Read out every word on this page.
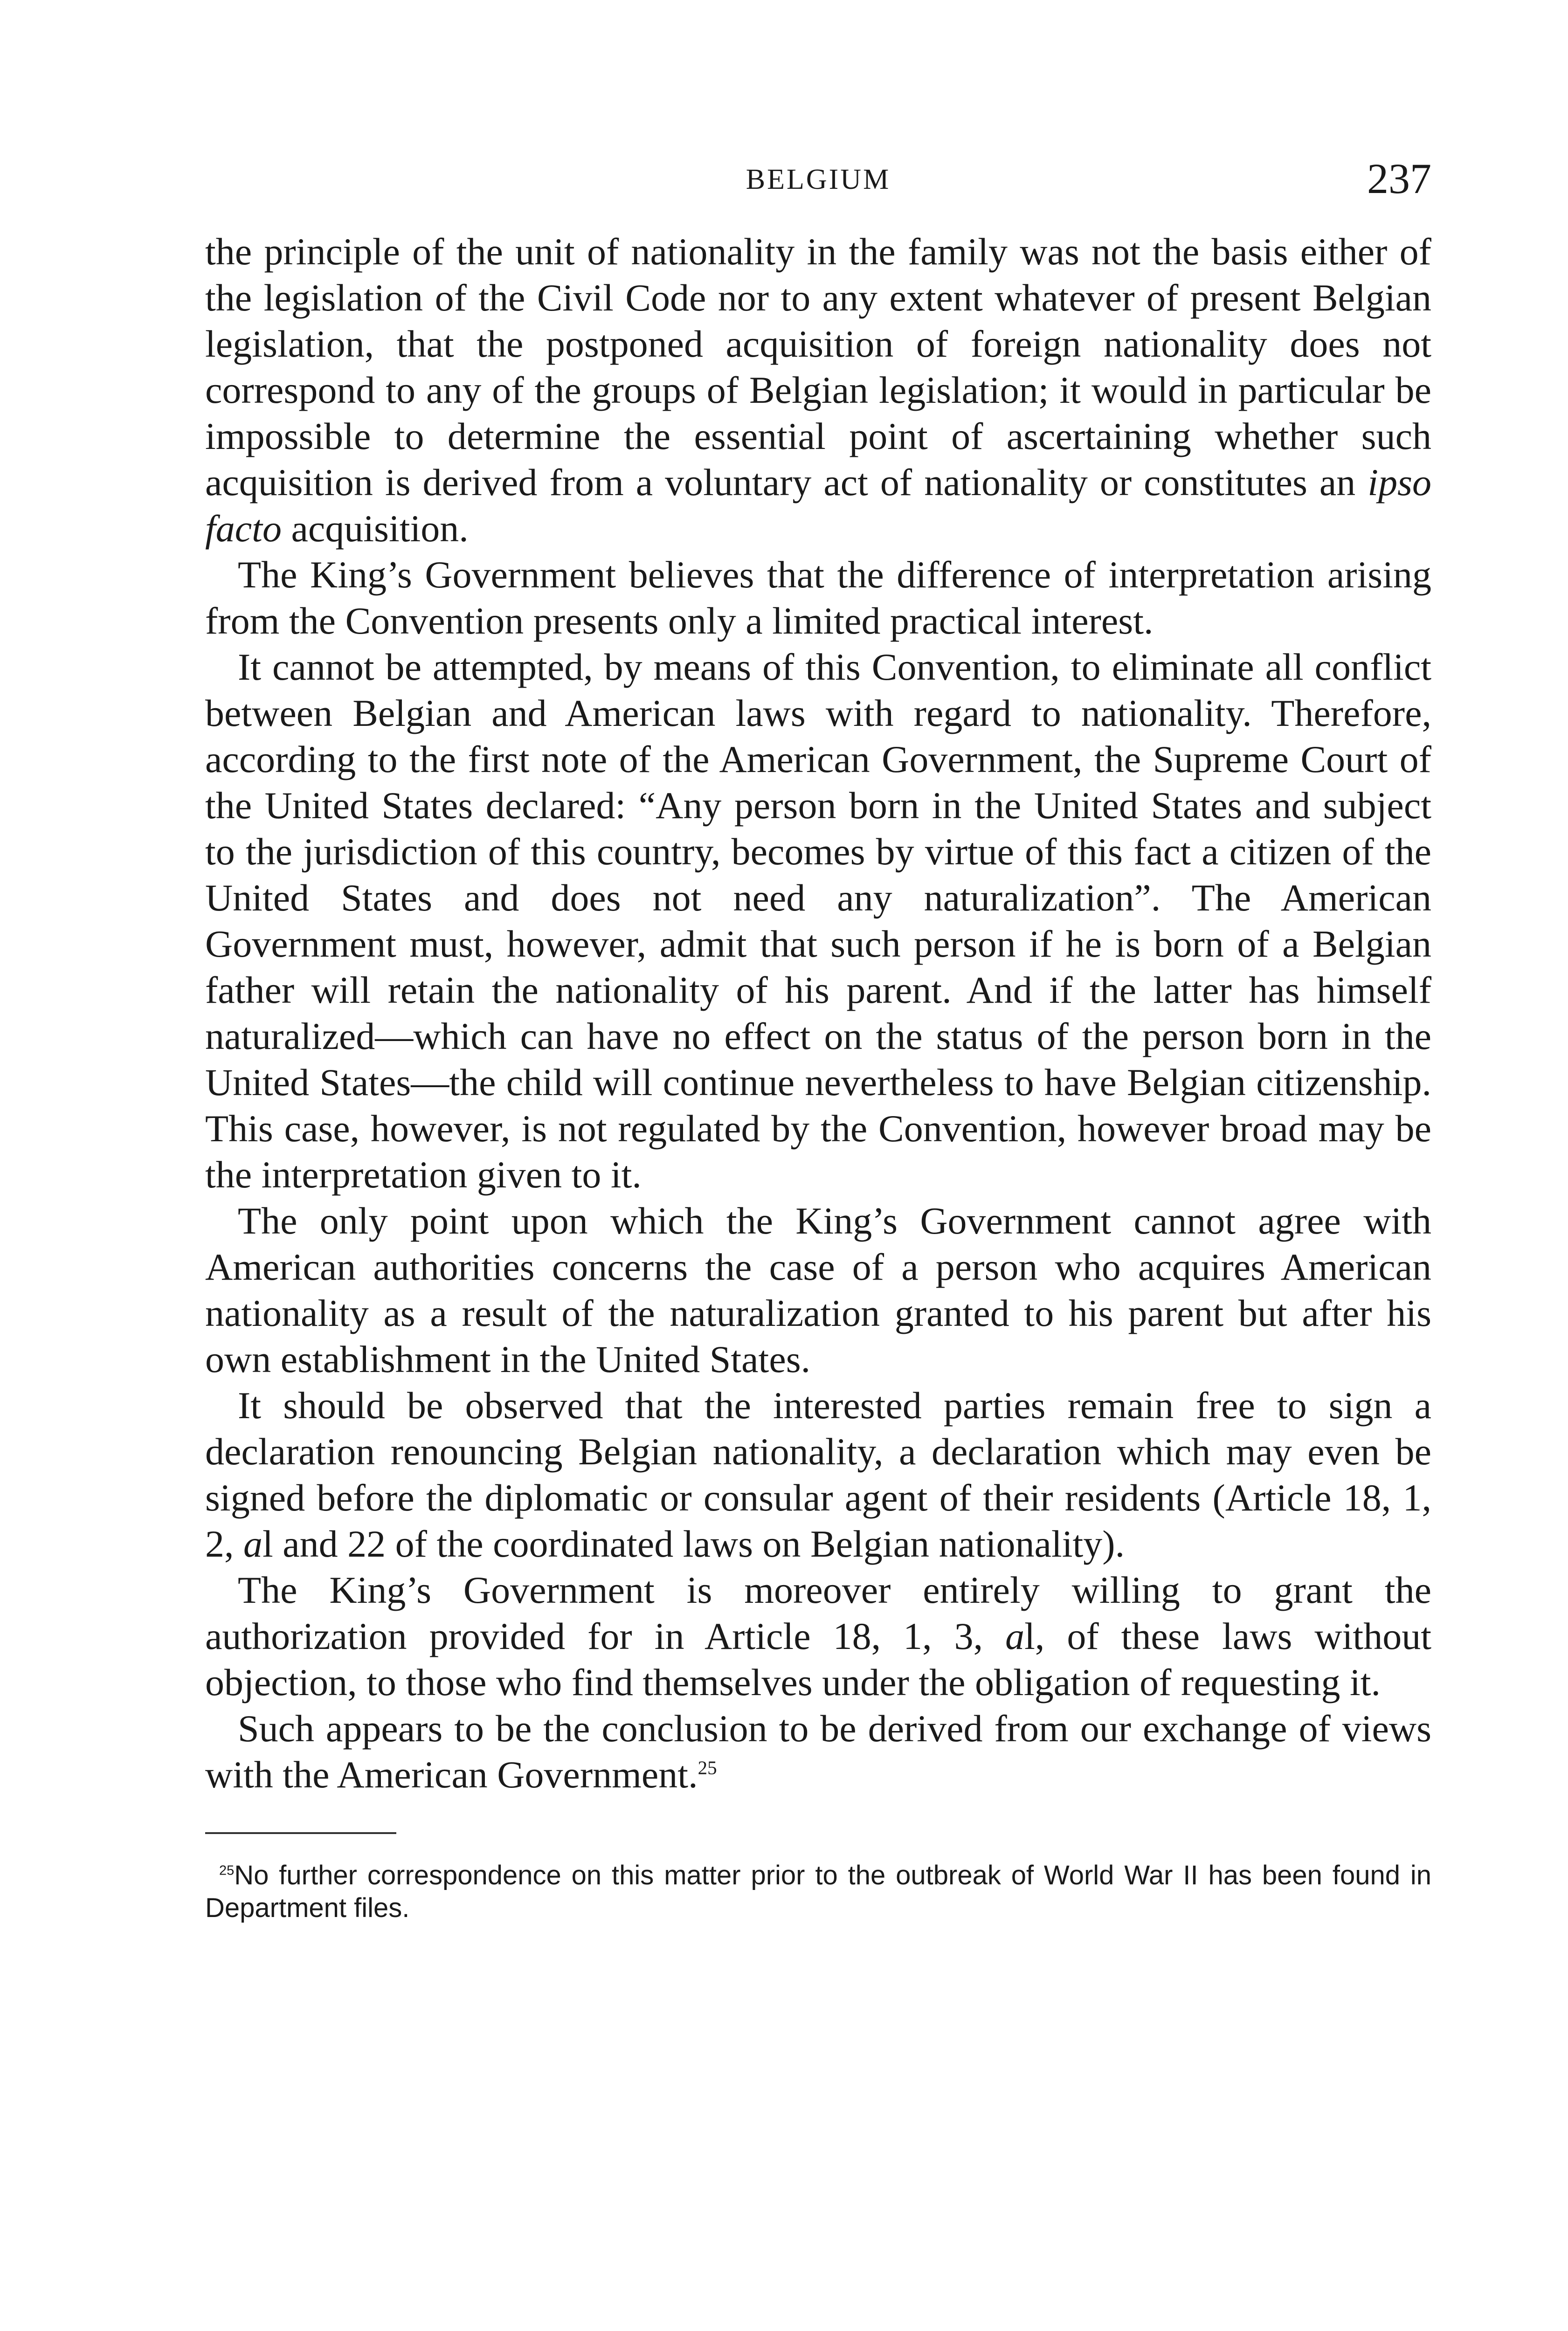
BELGIUM	237

the principle of the unit of nationality in the family was not the basis either of the legislation of the Civil Code nor to any extent whatever of present Belgian legislation, that the postponed acquisition of foreign nationality does not correspond to any of the groups of Belgian legislation; it would in particular be impossible to determine the essential point of ascertaining whether such acquisition is derived from a voluntary act of nationality or constitutes an ipso facto acquisition.

The King’s Government believes that the difference of interpretation arising from the Convention presents only a limited practical interest.

It cannot be attempted, by means of this Convention, to eliminate all conflict between Belgian and American laws with regard to nationality. Therefore, according to the first note of the American Government, the Supreme Court of the United States declared: “Any person born in the United States and subject to the jurisdiction of this country, becomes by virtue of this fact a citizen of the United States and does not need any naturalization”. The American Government must, however, admit that such person if he is born of a Belgian father will retain the nationality of his parent. And if the latter has himself naturalized—which can have no effect on the status of the person born in the United States—the child will continue nevertheless to have Belgian citizenship. This case, however, is not regulated by the Convention, however broad may be the interpretation given to it.

The only point upon which the King’s Government cannot agree with American authorities concerns the case of a person who acquires American nationality as a result of the naturalization granted to his parent but after his own establishment in the United States.

It should be observed that the interested parties remain free to sign a declaration renouncing Belgian nationality, a declaration which may even be signed before the diplomatic or consular agent of their residents (Article 18, 1, 2, al and 22 of the coordinated laws on Belgian nationality).

The King’s Government is moreover entirely willing to grant the authorization provided for in Article 18, 1, 3, al, of these laws without objection, to those who find themselves under the obligation of requesting it.

Such appears to be the conclusion to be derived from our exchange of views with the American Government.$^{25}$

$^{25}$No further correspondence on this matter prior to the outbreak of World War II has been found in Department files.
